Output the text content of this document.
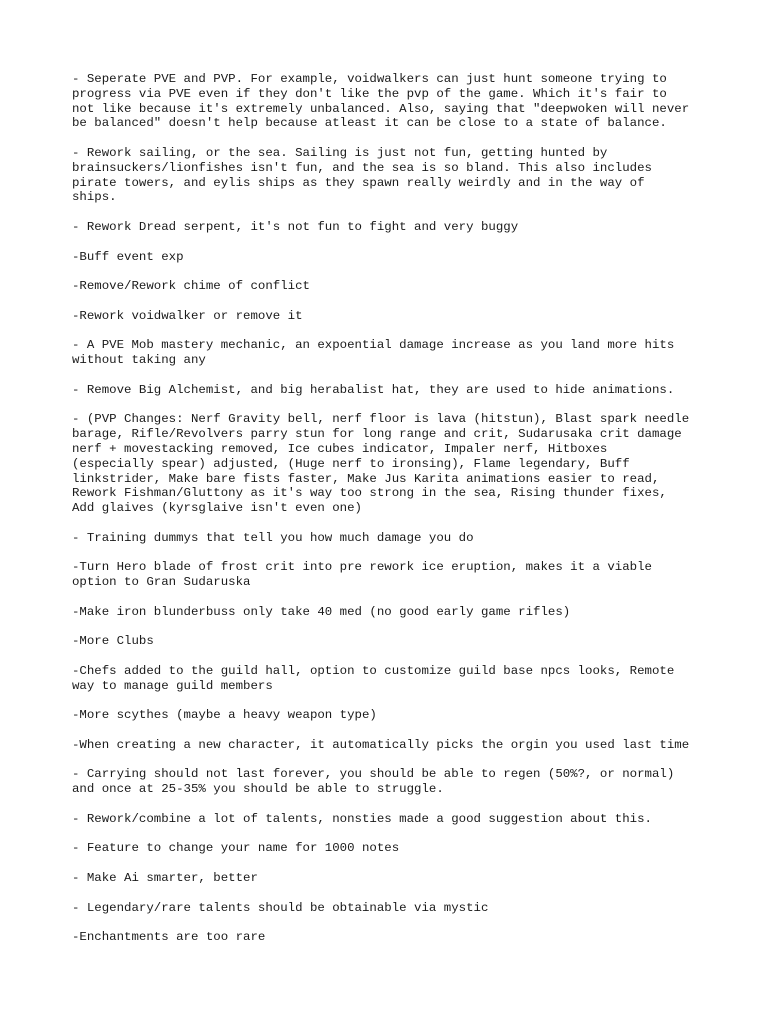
- Seperate PVE and PVP. For example, voidwalkers can just hunt someone trying to
progress via PVE even if they don't like the pvp of the game. Which it's fair to
not like because it's extremely unbalanced. Also, saying that "deepwoken will never
be balanced" doesn't help because atleast it can be close to a state of balance.

- Rework sailing, or the sea. Sailing is just not fun, getting hunted by
brainsuckers/lionfishes isn't fun, and the sea is so bland. This also includes
pirate towers, and eylis ships as they spawn really weirdly and in the way of
ships.

- Rework Dread serpent, it's not fun to fight and very buggy

-Buff event exp

-Remove/Rework chime of conflict

-Rework voidwalker or remove it

- A PVE Mob mastery mechanic, an expoential damage increase as you land more hits
without taking any

- Remove Big Alchemist, and big herabalist hat, they are used to hide animations.

- (PVP Changes: Nerf Gravity bell, nerf floor is lava (hitstun), Blast spark needle
barage, Rifle/Revolvers parry stun for long range and crit, Sudarusaka crit damage
nerf + movestacking removed, Ice cubes indicator, Impaler nerf, Hitboxes
(especially spear) adjusted, (Huge nerf to ironsing), Flame legendary, Buff
linkstrider, Make bare fists faster, Make Jus Karita animations easier to read,
Rework Fishman/Gluttony as it's way too strong in the sea, Rising thunder fixes,
Add glaives (kyrsglaive isn't even one)

- Training dummys that tell you how much damage you do

-Turn Hero blade of frost crit into pre rework ice eruption, makes it a viable
option to Gran Sudaruska

-Make iron blunderbuss only take 40 med (no good early game rifles)

-More Clubs

-Chefs added to the guild hall, option to customize guild base npcs looks, Remote
way to manage guild members

-More scythes (maybe a heavy weapon type)

-When creating a new character, it automatically picks the orgin you used last time

- Carrying should not last forever, you should be able to regen (50%?, or normal)
and once at 25-35% you should be able to struggle.

- Rework/combine a lot of talents, nonsties made a good suggestion about this.

- Feature to change your name for 1000 notes

- Make Ai smarter, better

- Legendary/rare talents should be obtainable via mystic

-Enchantments are too rare
